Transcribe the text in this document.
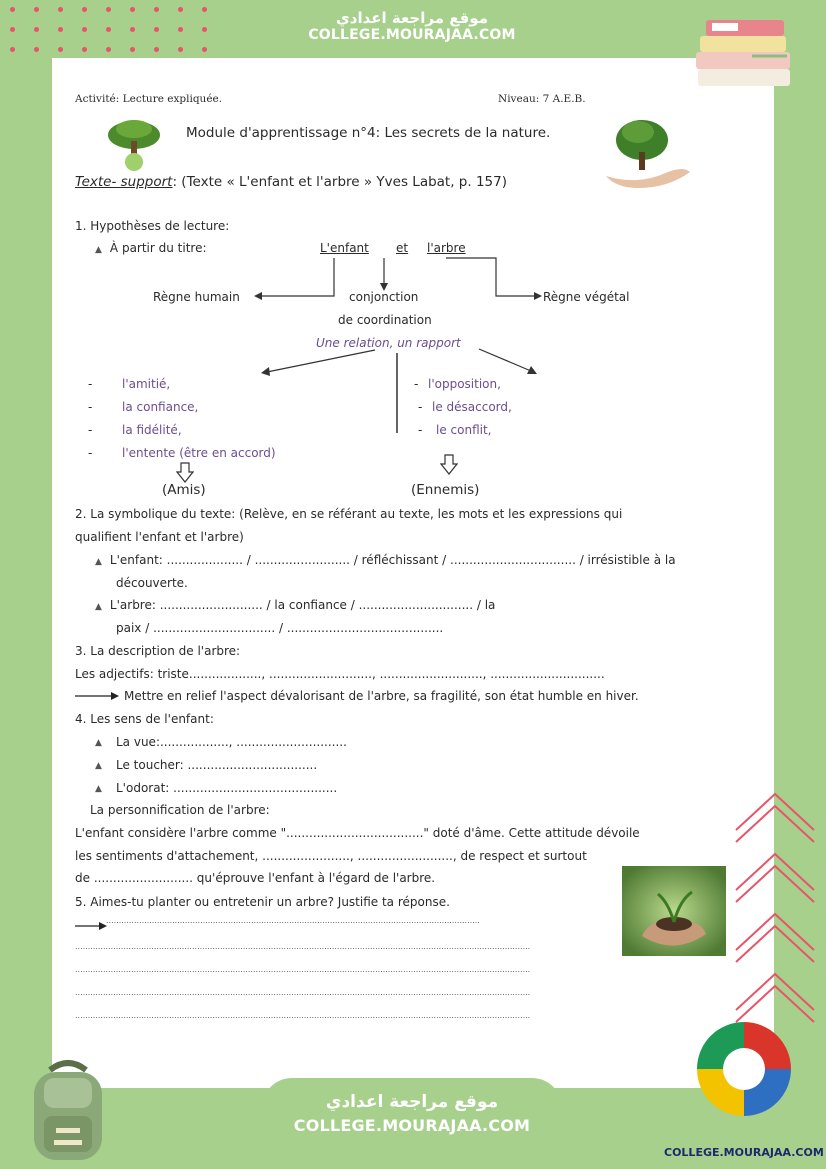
موقع مراجعة اعدادي
COLLEGE.MOURAJAA.COM
Activité: Lecture expliquée.	Niveau: 7 A.E.B.
Module d'apprentissage n°4: Les secrets de la nature.
Texte- support: (Texte « L'enfant et l'arbre » Yves Labat, p. 157)
1. Hypothèses de lecture:
▲ À partir du titre:	L'enfant et l'arbre
Règne humain	conjonction
de coordination
Règne végétal
Une relation, un rapport
- l'amitié,
- la confiance,
- la fidélité,
- l'entente (être en accord)
- l'opposition,
- le désaccord,
- le conflit,
(Amis)	(Ennemis)
2. La symbolique du texte: (Relève, en se référant au texte, les mots et les expressions qui
qualifient l'enfant et l'arbre)
▲ L'enfant: .................... / ......................... / réfléchissant / ................................. / irrésistible à la
découverte.
▲ L'arbre: ........................... / la confiance / .............................. / la
paix / ................................ / .........................................
3. La description de l'arbre:
Les adjectifs: triste..................., ..........................., ..........................., ..............................
Mettre en relief l'aspect dévalorisant de l'arbre, sa fragilité, son état humble en hiver.
4. Les sens de l'enfant:
▲ La vue:.................., .............................
▲ Le toucher: ..................................
▲ L'odorat: ...........................................
La personnification de l'arbre:
L'enfant considère l'arbre comme "...................................." doté d'âme. Cette attitude dévoile
les sentiments d'attachement, ......................., ........................., de respect et surtout
de .......................... qu'éprouve l'enfant à l'égard de l'arbre.
5. Aimes-tu planter ou entretenir un arbre? Justifie ta réponse.
...................................................................................................................................................
...................................................................................................................................................................................
...................................................................................................................................................................................
...................................................................................................................................................................................
...................................................................................................................................................................................
موقع مراجعة اعدادي
COLLEGE.MOURAJAA.COM
COLLEGE.MOURAJAA.COM
